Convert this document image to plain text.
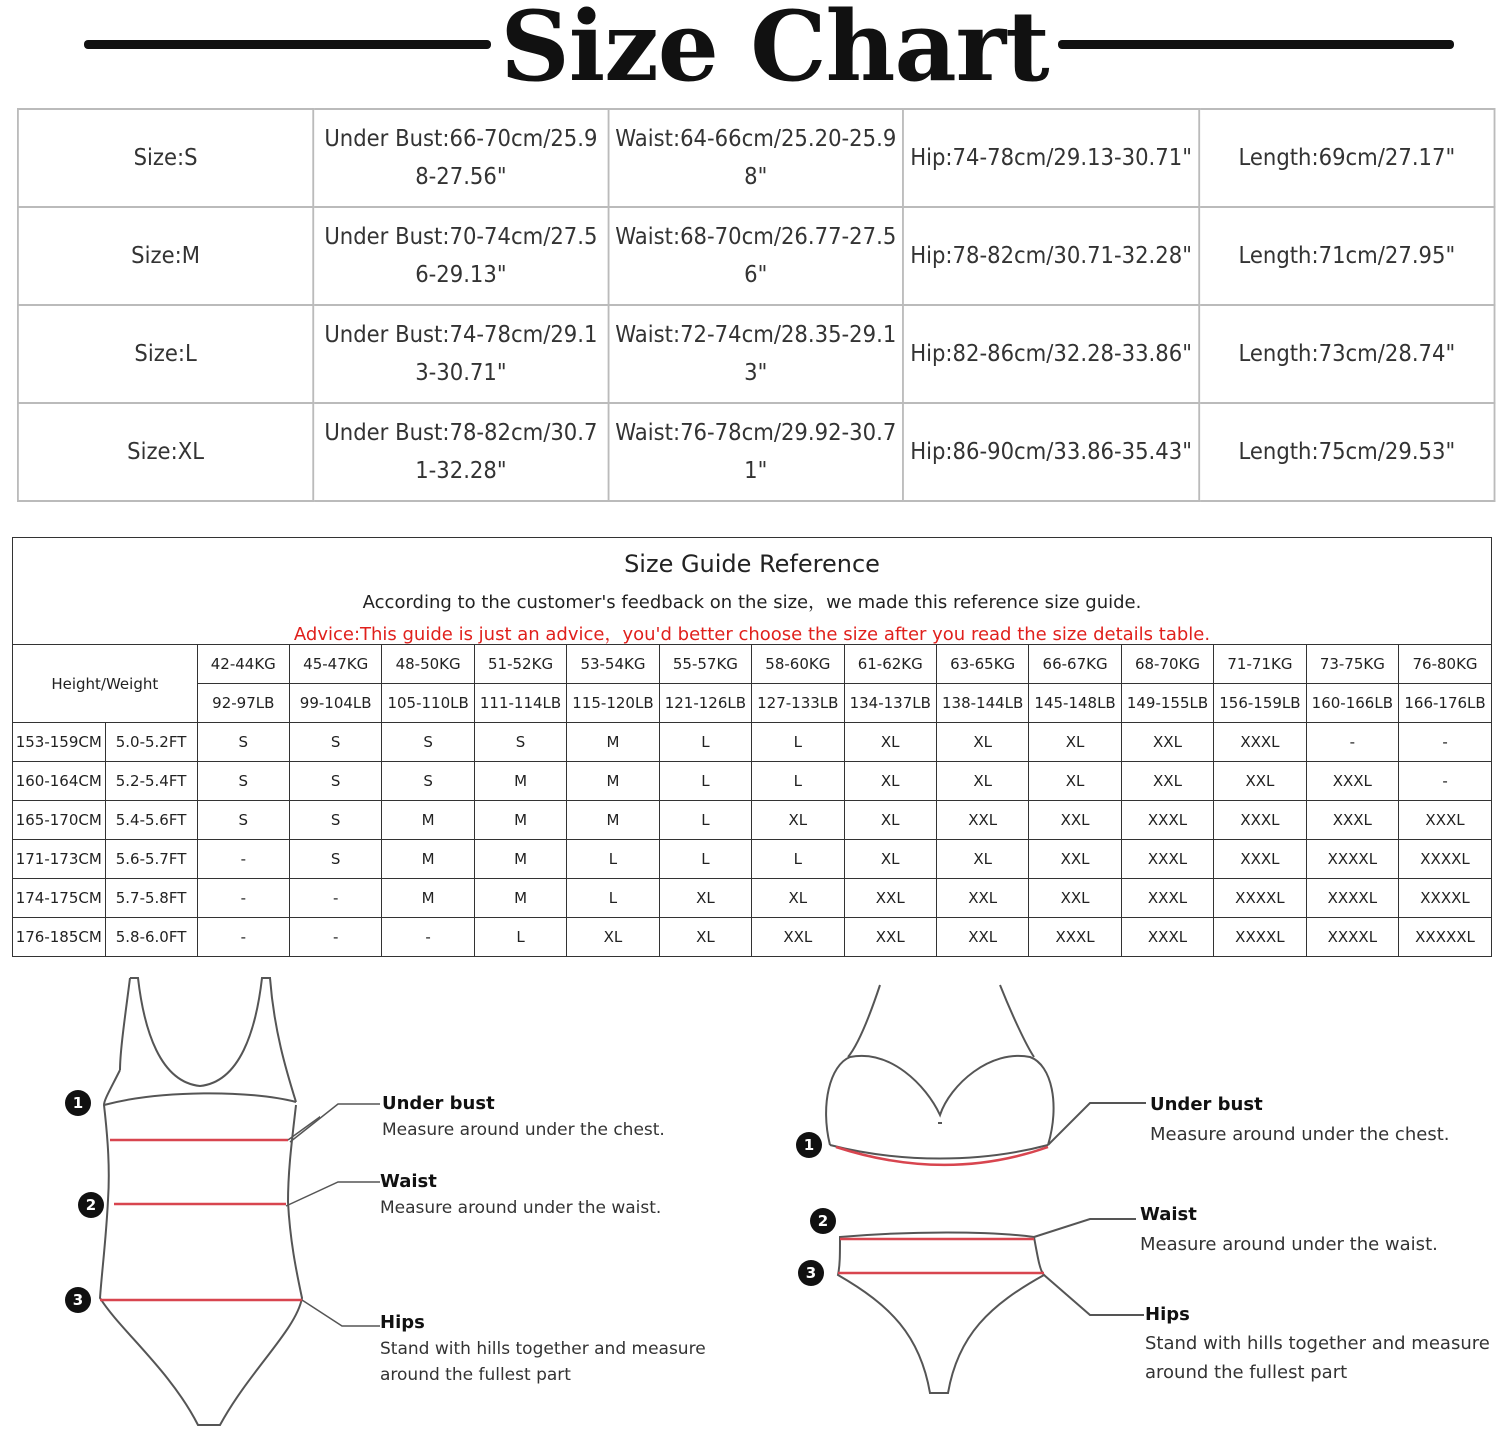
Size Chart
Size:S	Under Bust:66-70cm/25.98-27.56"	Waist:64-66cm/25.20-25.98"	Hip:74-78cm/29.13-30.71"	Length:69cm/27.17"
Size:M	Under Bust:70-74cm/27.56-29.13"	Waist:68-70cm/26.77-27.56"	Hip:78-82cm/30.71-32.28"	Length:71cm/27.95"
Size:L	Under Bust:74-78cm/29.13-30.71"	Waist:72-74cm/28.35-29.13"	Hip:82-86cm/32.28-33.86"	Length:73cm/28.74"
Size:XL	Under Bust:78-82cm/30.71-32.28"	Waist:76-78cm/29.92-30.71"	Hip:86-90cm/33.86-35.43"	Length:75cm/29.53"
Size Guide Reference
According to the customer's feedback on the size，we made this reference size guide.
Advice:This guide is just an advice，you'd better choose the size after you read the size details table.
Height/Weight		42-44KG	45-47KG	48-50KG	51-52KG	53-54KG	55-57KG	58-60KG	61-62KG	63-65KG	66-67KG	68-70KG	71-71KG	73-75KG	76-80KG
		92-97LB	99-104LB	105-110LB	111-114LB	115-120LB	121-126LB	127-133LB	134-137LB	138-144LB	145-148LB	149-155LB	156-159LB	160-166LB	166-176LB
153-159CM	5.0-5.2FT	S	S	S	S	M	L	L	XL	XL	XL	XXL	XXXL	-	-
160-164CM	5.2-5.4FT	S	S	S	M	M	L	L	XL	XL	XL	XXL	XXL	XXXL	-
165-170CM	5.4-5.6FT	S	S	M	M	M	L	XL	XL	XXL	XXL	XXXL	XXXL	XXXL	XXXL
171-173CM	5.6-5.7FT	-	S	M	M	L	L	L	XL	XL	XXL	XXXL	XXXL	XXXXL	XXXXL
174-175CM	5.7-5.8FT	-	-	M	M	L	XL	XL	XXL	XXL	XXL	XXXL	XXXXL	XXXXL	XXXXL
176-185CM	5.8-6.0FT	-	-	-	L	XL	XL	XXL	XXL	XXL	XXXL	XXXL	XXXXL	XXXXL	XXXXXL
1
2
3
Under bust
Measure around under the chest.
Waist
Measure around under the waist.
Hips
Stand with hills together and measure
around the fullest part
1
2
3
Under bust
Measure around under the chest.
Waist
Measure around under the waist.
Hips
Stand with hills together and measure
around the fullest part
